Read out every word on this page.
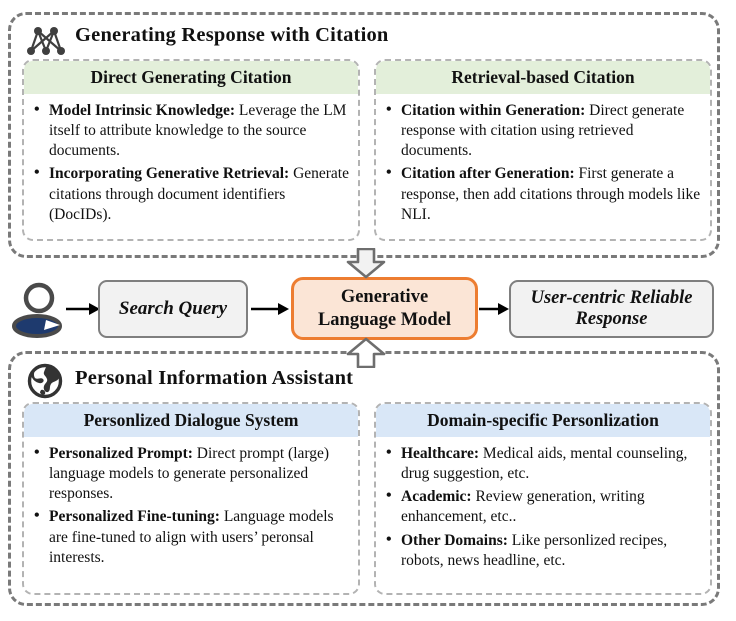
Generating Response with Citation
Direct Generating Citation
• Model Intrinsic Knowledge: Leverage the LM itself to attribute knowledge to the source documents.
• Incorporating Generative Retrieval: Generate citations through document identifiers (DocIDs).
Retrieval-based Citation
• Citation within Generation: Direct generate response with citation using retrieved documents.
• Citation after Generation: First generate a response, then add citations through models like NLI.
Search Query
Generative
Language Model
User-centric Reliable
Response
Personal Information Assistant
Personlized Dialogue System
• Personalized Prompt: Direct prompt (large) language models to generate personalized responses.
• Personalized Fine-tuning: Language models are fine-tuned to align with users’ peronsal interests.
Domain-specific Personlization
• Healthcare: Medical aids, mental counseling, drug suggestion, etc.
• Academic: Review generation, writing enhancement, etc..
• Other Domains: Like personlized recipes, robots, news headline, etc.
